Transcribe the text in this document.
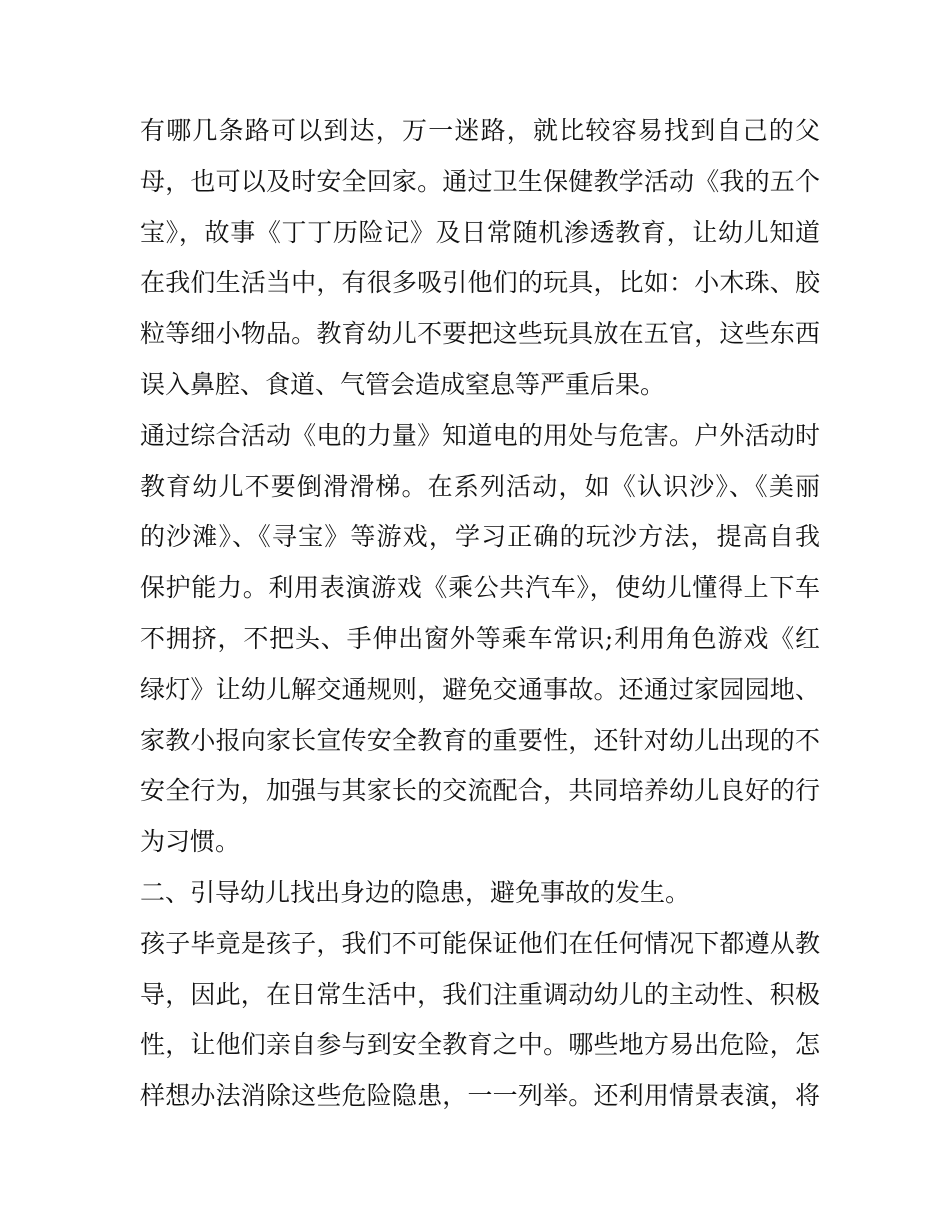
有哪几条路可以到达，万一迷路，就比较容易找到自己的父
母，也可以及时安全回家。通过卫生保健教学活动《我的五个
宝》，故事《丁丁历险记》及日常随机渗透教育，让幼儿知道
在我们生活当中，有很多吸引他们的玩具，比如：小木珠、胶
粒等细小物品。教育幼儿不要把这些玩具放在五官，这些东西
误入鼻腔、食道、气管会造成窒息等严重后果。
通过综合活动《电的力量》知道电的用处与危害。户外活动时
教育幼儿不要倒滑滑梯。在系列活动，如《认识沙》、《美丽
的沙滩》、《寻宝》等游戏，学习正确的玩沙方法，提高自我
保护能力。利用表演游戏《乘公共汽车》，使幼儿懂得上下车
不拥挤，不把头、手伸出窗外等乘车常识;利用角色游戏《红
绿灯》让幼儿解交通规则，避免交通事故。还通过家园园地、
家教小报向家长宣传安全教育的重要性，还针对幼儿出现的不
安全行为，加强与其家长的交流配合，共同培养幼儿良好的行
为习惯。
二、引导幼儿找出身边的隐患，避免事故的发生。
孩子毕竟是孩子，我们不可能保证他们在任何情况下都遵从教
导，因此，在日常生活中，我们注重调动幼儿的主动性、积极
性，让他们亲自参与到安全教育之中。哪些地方易出危险，怎
样想办法消除这些危险隐患，一一列举。还利用情景表演，将
